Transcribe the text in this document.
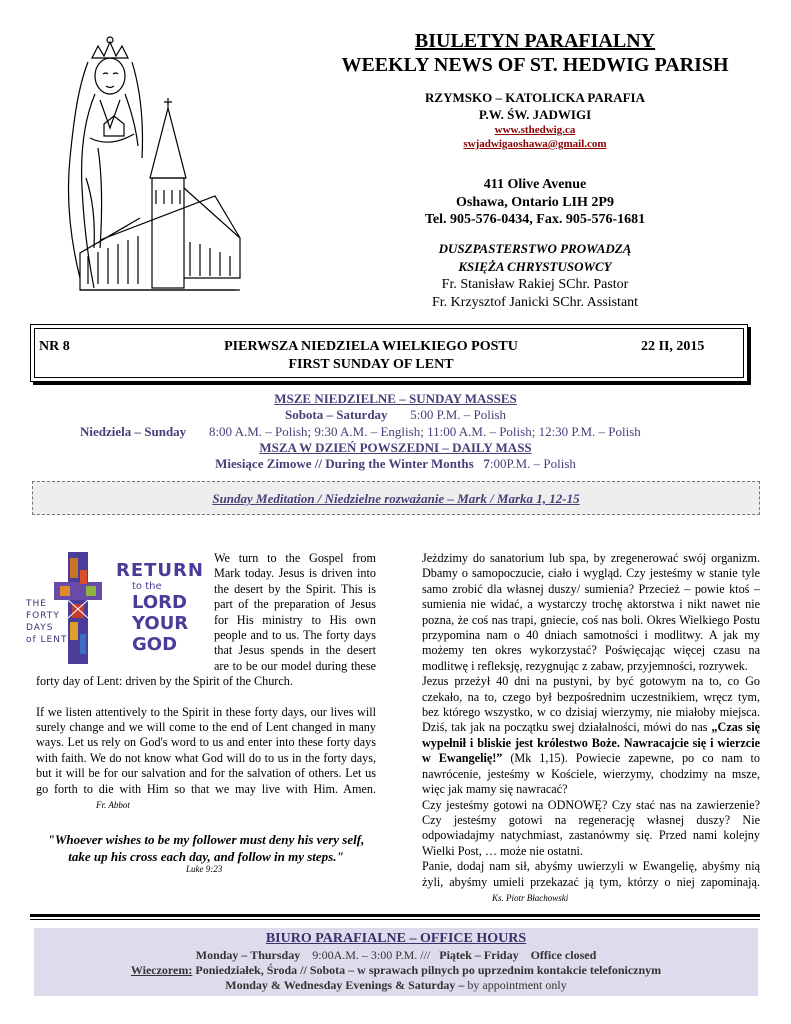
BIULETYN PARAFIALNY
WEEKLY NEWS OF ST. HEDWIG PARISH
RZYMSKO – KATOLICKA PARAFIA
P.W. ŚW. JADWIGI
www.sthedwig.ca
swjadwigaoshawa@gmail.com
411 Olive Avenue
Oshawa, Ontario LIH 2P9
Tel. 905-576-0434, Fax. 905-576-1681
DUSZPASTERSTWO PROWADZĄ
KSIĘŻA CHRYSTUSOWCY
Fr. Stanisław Rakiej SChr. Pastor
Fr. Krzysztof Janicki SChr. Assistant
NR 8	PIERWSZA NIEDZIELA WIELKIEGO POSTU
FIRST SUNDAY OF LENT
22 II, 2015
MSZE NIEDZIELNE – SUNDAY MASSES
Sobota – Saturday 5:00 P.M. – Polish
Niedziela – Sunday 8:00 A.M. – Polish; 9:30 A.M. – English; 11:00 A.M. – Polish; 12:30 P.M. – Polish
MSZA W DZIEŃ POWSZEDNI – DAILY MASS
Miesiące Zimowe // During the Winter Months 7:00P.M. – Polish
Sunday Meditation / Niedzielne rozważanie – Mark / Marka 1, 12-15
THE
FORTY
DAYS
of LENT
RETURN
to the
LORD
YOUR
GOD

We turn to the Gospel from Mark today. Jesus is driven into the desert by the Spirit. This is part of the preparation of Jesus for His ministry to His own people and to us. The forty days that Jesus spends in the desert are to be our model during these forty day of Lent: driven by the Spirit of the Church.

If we listen attentively to the Spirit in these forty days, our lives will surely change and we will come to the end of Lent changed in many ways. Let us rely on God's word to us and enter into these forty days with faith. We do not know what God will do to us in the forty days, but it will be for our salvation and for the salvation of others. Let us go forth to die with Him so that we may live with Him. Amen. Fr. Abbot

"Whoever wishes to be my follower must deny his very self, take up his cross each day, and follow in my steps."
Luke 9:23

Jeżdzimy do sanatorium lub spa, by zregenerować swój organizm. Dbamy o samopoczucie, ciało i wygląd. Czy jesteśmy w stanie tyle samo zrobić dla własnej duszy/ sumienia? Przecież – powie ktoś – sumienia nie widać, a wystarczy trochę aktorstwa i nikt nawet nie pozna, że coś nas trapi, gniecie, coś nas boli. Okres Wielkiego Postu przypomina nam o 40 dniach samotności i modlitwy. A jak my możemy ten okres wykorzystać? Poświęcając więcej czasu na modlitwę i refleksję, rezygnując z zabaw, przyjemności, rozrywek.

Jezus przeżył 40 dni na pustyni, by być gotowym na to, co Go czekało, na to, czego był bezpośrednim uczestnikiem, wręcz tym, bez którego wszystko, w co dzisiaj wierzymy, nie miałoby miejsca. Dziś, tak jak na początku swej działalności, mówi do nas „Czas się wypełnił i bliskie jest królestwo Boże. Nawracajcie się i wierzcie w Ewangelię!” (Mk 1,15). Powiecie zapewne, po co nam to nawrócenie, jesteśmy w Kościele, wierzymy, chodzimy na msze, więc jak mamy się nawracać?

Czy jesteśmy gotowi na ODNOWĘ? Czy stać nas na zawierzenie? Czy jesteśmy gotowi na regenerację własnej duszy? Nie odpowiadajmy natychmiast, zastanówmy się. Przed nami kolejny Wielki Post, … może nie ostatni.

Panie, dodaj nam sił, abyśmy uwierzyli w Ewangelię, abyśmy nią żyli, abyśmy umieli przekazać ją tym, którzy o niej zapominają. Ks. Piotr Błachowski

BIURO PARAFIALNE – OFFICE HOURS
Monday – Thursday 9:00A.M. – 3:00 P.M. /// Piątek – Friday Office closed
Wieczorem: Poniedziałek, Środa // Sobota – w sprawach pilnych po uprzednim kontakcie telefonicznym
Monday & Wednesday Evenings & Saturday – by appointment only
